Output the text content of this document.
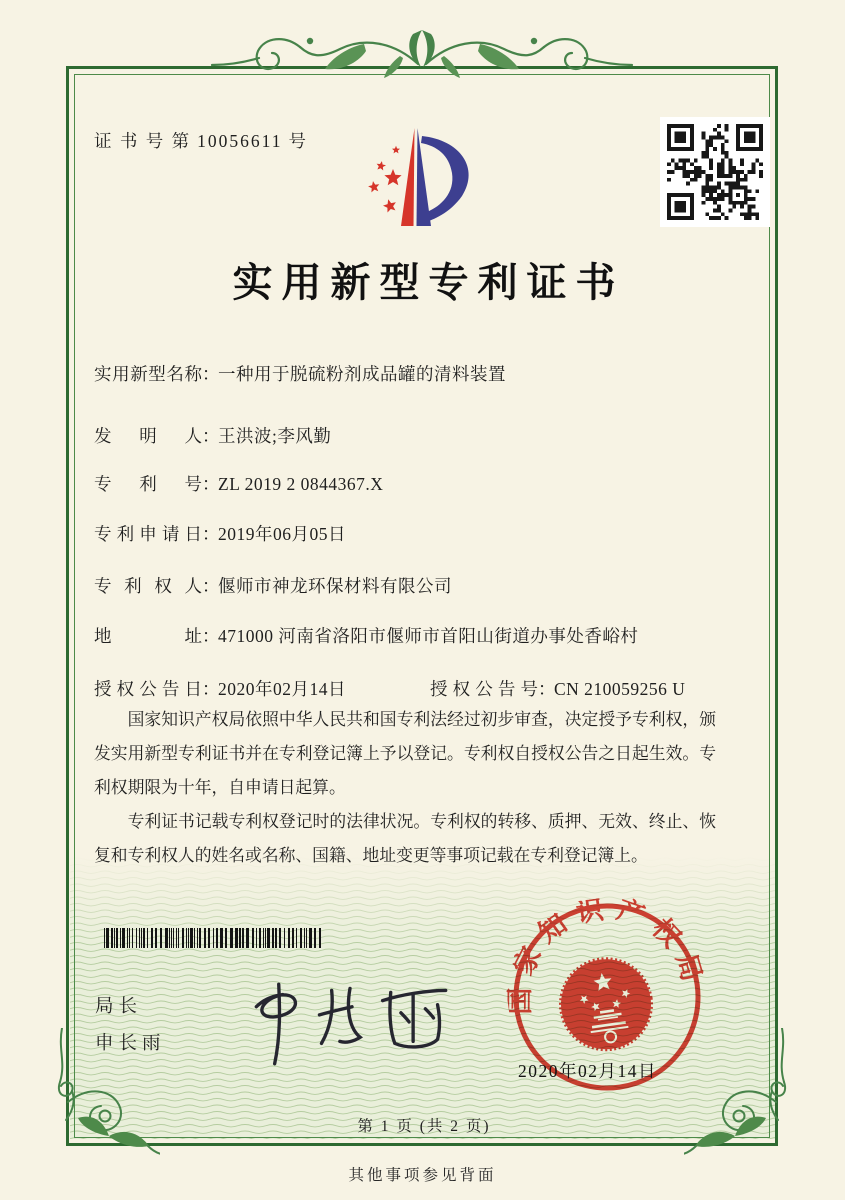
证 书 号 第 10056611 号
实用新型专利证书
实用新型名称：一种用于脱硫粉剂成品罐的清料装置
发明人：王洪波;李风勤
专利号：ZL 2019 2 0844367.X
专利申请日：2019年06月05日
专利权人：偃师市神龙环保材料有限公司
地址：471000 河南省洛阳市偃师市首阳山街道办事处香峪村
授权公告日：2020年02月14日	授权公告号：CN 210059256 U

国家知识产权局依照中华人民共和国专利法经过初步审查，决定授予专利权，颁发实用新型专利证书并在专利登记簿上予以登记。专利权自授权公告之日起生效。专利权期限为十年，自申请日起算。

专利证书记载专利权登记时的法律状况。专利权的转移、质押、无效、终止、恢复和专利权人的姓名或名称、国籍、地址变更等事项记载在专利登记簿上。

局长
申长雨
国家知识产权局
2020年02月14日
第 1 页 (共 2 页)
其他事项参见背面
